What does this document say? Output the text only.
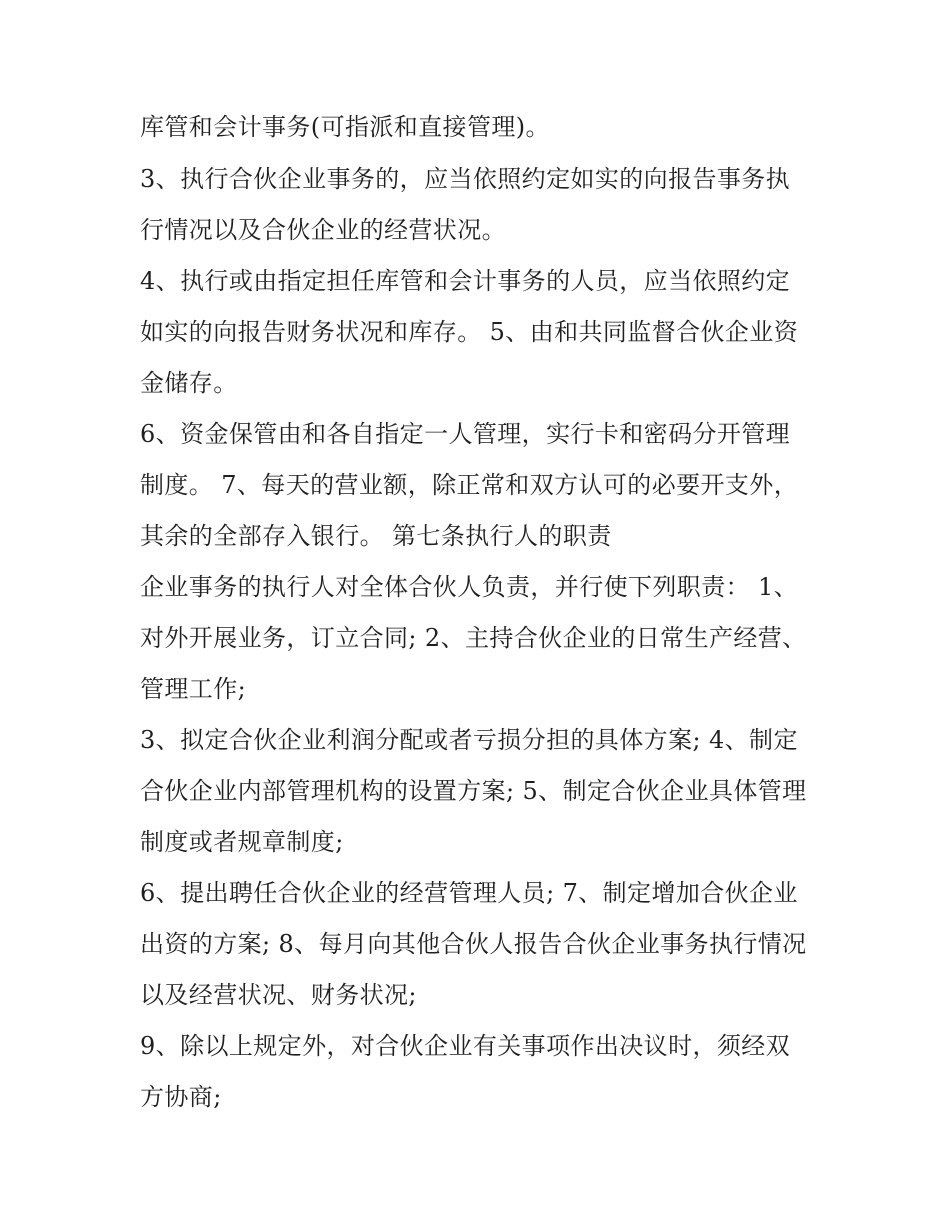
库管和会计事务(可指派和直接管理)。
3、执行合伙企业事务的，应当依照约定如实的向报告事务执
行情况以及合伙企业的经营状况。
4、执行或由指定担任库管和会计事务的人员，应当依照约定
如实的向报告财务状况和库存。 5、由和共同监督合伙企业资
金储存。
6、资金保管由和各自指定一人管理，实行卡和密码分开管理
制度。 7、每天的营业额，除正常和双方认可的必要开支外，
其余的全部存入银行。 第七条执行人的职责
企业事务的执行人对全体合伙人负责，并行使下列职责： 1、
对外开展业务，订立合同; 2、主持合伙企业的日常生产经营、
管理工作;
3、拟定合伙企业利润分配或者亏损分担的具体方案; 4、制定
合伙企业内部管理机构的设置方案; 5、制定合伙企业具体管理
制度或者规章制度;
6、提出聘任合伙企业的经营管理人员; 7、制定增加合伙企业
出资的方案; 8、每月向其他合伙人报告合伙企业事务执行情况
以及经营状况、财务状况;
9、除以上规定外，对合伙企业有关事项作出决议时，须经双
方协商;
